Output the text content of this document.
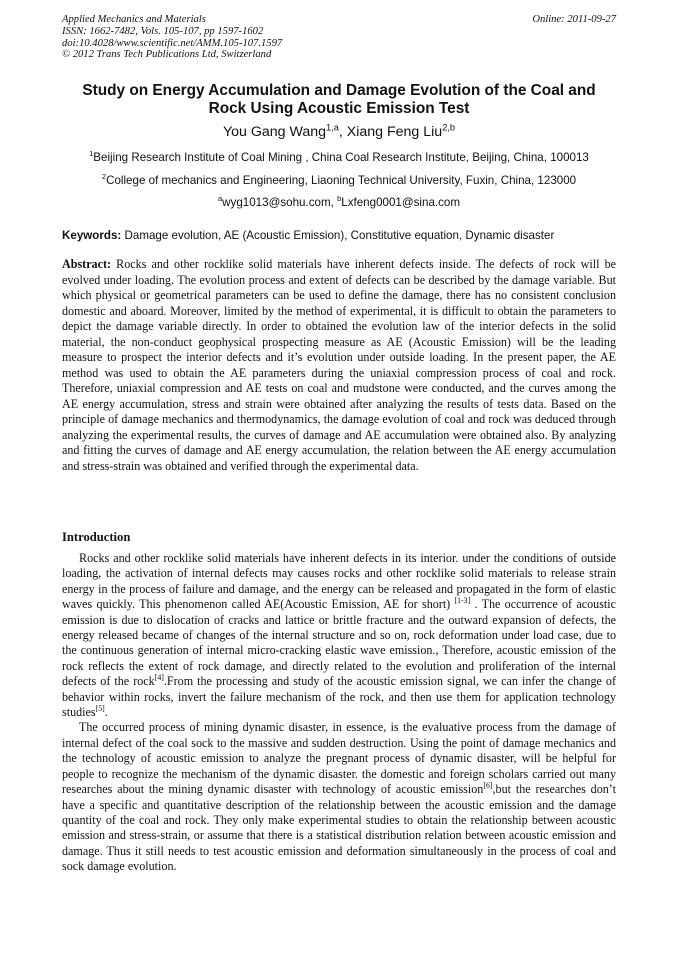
Applied Mechanics and Materials
ISSN: 1662-7482, Vols. 105-107, pp 1597-1602
doi:10.4028/www.scientific.net/AMM.105-107.1597
© 2012 Trans Tech Publications Ltd, Switzerland
Online: 2011-09-27
Study on Energy Accumulation and Damage Evolution of the Coal and Rock Using Acoustic Emission Test
You Gang Wang$^{1,a}$, Xiang Feng Liu$^{2,b}$
$^1$Beijing Research Institute of Coal Mining , China Coal Research Institute, Beijing, China, 100013
$^2$College of mechanics and Engineering, Liaoning Technical University, Fuxin, China, 123000
$^a$wyg1013@sohu.com, $^b$Lxfeng0001@sina.com
Keywords: Damage evolution, AE (Acoustic Emission), Constitutive equation, Dynamic disaster
Abstract: Rocks and other rocklike solid materials have inherent defects inside. The defects of rock will be evolved under loading. The evolution process and extent of defects can be described by the damage variable. But which physical or geometrical parameters can be used to define the damage, there has no consistent conclusion domestic and aboard. Moreover, limited by the method of experimental, it is difficult to obtain the parameters to depict the damage variable directly. In order to obtained the evolution law of the interior defects in the solid material, the non-conduct geophysical prospecting measure as AE (Acoustic Emission) will be the leading measure to prospect the interior defects and it’s evolution under outside loading. In the present paper, the AE method was used to obtain the AE parameters during the uniaxial compression process of coal and rock. Therefore, uniaxial compression and AE tests on coal and mudstone were conducted, and the curves among the AE energy accumulation, stress and strain were obtained after analyzing the results of tests data. Based on the principle of damage mechanics and thermodynamics, the damage evolution of coal and rock was deduced through analyzing the experimental results, the curves of damage and AE accumulation were obtained also. By analyzing and fitting the curves of damage and AE energy accumulation, the relation between the AE energy accumulation and stress-strain was obtained and verified through the experimental data.
Introduction

Rocks and other rocklike solid materials have inherent defects in its interior. under the conditions of outside loading, the activation of internal defects may causes rocks and other rocklike solid materials to release strain energy in the process of failure and damage, and the energy can be released and propagated in the form of elastic waves quickly. This phenomenon called AE(Acoustic Emission, AE for short) [1-3] . The occurrence of acoustic emission is due to dislocation of cracks and lattice or brittle fracture and the outward expansion of defects, the energy released became of changes of the internal structure and so on, rock deformation under load case, due to the continuous generation of internal micro-cracking elastic wave emission., Therefore, acoustic emission of the rock reflects the extent of rock damage, and directly related to the evolution and proliferation of the internal defects of the rock[4].From the processing and study of the acoustic emission signal, we can infer the change of behavior within rocks, invert the failure mechanism of the rock, and then use them for application technology studies[5].

The occurred process of mining dynamic disaster, in essence, is the evaluative process from the damage of internal defect of the coal sock to the massive and sudden destruction. Using the point of damage mechanics and the technology of acoustic emission to analyze the pregnant process of dynamic disaster, will be helpful for people to recognize the mechanism of the dynamic disaster. the domestic and foreign scholars carried out many researches about the mining dynamic disaster with technology of acoustic emission[6],but the researches don’t have a specific and quantitative description of the relationship between the acoustic emission and the damage quantity of the coal and rock. They only make experimental studies to obtain the relationship between acoustic emission and stress-strain, or assume that there is a statistical distribution relation between acoustic emission and damage. Thus it still needs to test acoustic emission and deformation simultaneously in the process of coal and sock damage evolution.
